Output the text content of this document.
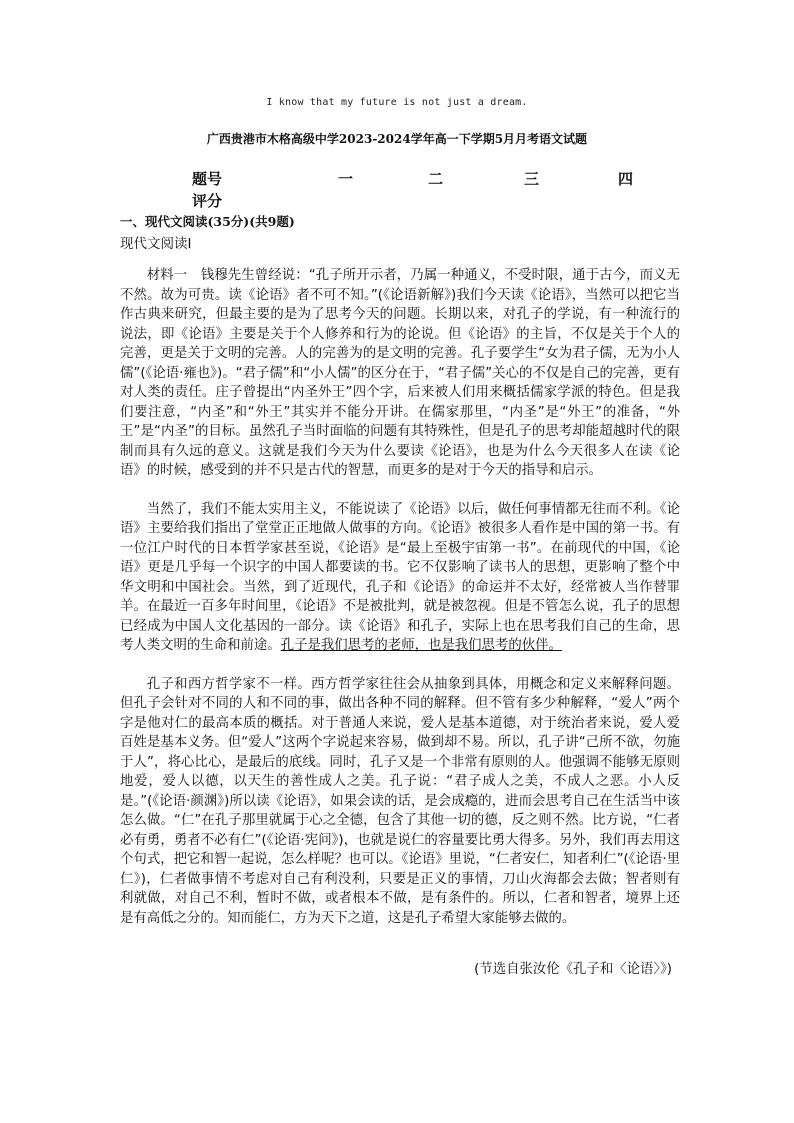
I know that my future is not just a dream.
广西贵港市木格高级中学2023-2024学年高一下学期5月月考语文试题
题号	一	二	三	四
评分
一、现代文阅读(35分)(共9题)
现代文阅读Ⅰ

材料一　钱穆先生曾经说：“孔子所开示者，乃属一种通义，不受时限，通于古今，而义无不然。故为可贵。读《论语》者不可不知。”(《论语新解》)我们今天读《论语》，当然可以把它当作古典来研究，但最主要的是为了思考今天的问题。长期以来，对孔子的学说，有一种流行的说法，即《论语》主要是关于个人修养和行为的论说。但《论语》的主旨，不仅是关于个人的完善，更是关于文明的完善。人的完善为的是文明的完善。孔子要学生“女为君子儒，无为小人儒”(《论语·雍也》)。“君子儒”和“小人儒”的区分在于，“君子儒”关心的不仅是自己的完善，更有对人类的责任。庄子曾提出“内圣外王”四个字，后来被人们用来概括儒家学派的特色。但是我们要注意，“内圣”和“外王”其实并不能分开讲。在儒家那里，“内圣”是“外王”的准备，“外王”是“内圣”的目标。虽然孔子当时面临的问题有其特殊性，但是孔子的思考却能超越时代的限制而具有久远的意义。这就是我们今天为什么要读《论语》，也是为什么今天很多人在读《论语》的时候，感受到的并不只是古代的智慧，而更多的是对于今天的指导和启示。

当然了，我们不能太实用主义，不能说读了《论语》以后，做任何事情都无往而不利。《论语》主要给我们指出了堂堂正正地做人做事的方向。《论语》被很多人看作是中国的第一书。有一位江户时代的日本哲学家甚至说，《论语》是“最上至极宇宙第一书”。在前现代的中国，《论语》更是几乎每一个识字的中国人都要读的书。它不仅影响了读书人的思想，更影响了整个中华文明和中国社会。当然，到了近现代，孔子和《论语》的命运并不太好，经常被人当作替罪羊。在最近一百多年时间里，《论语》不是被批判，就是被忽视。但是不管怎么说，孔子的思想已经成为中国人文化基因的一部分。读《论语》和孔子，实际上也在思考我们自己的生命，思考人类文明的生命和前途。孔子是我们思考的老师，也是我们思考的伙伴。

孔子和西方哲学家不一样。西方哲学家往往会从抽象到具体，用概念和定义来解释问题。但孔子会针对不同的人和不同的事，做出各种不同的解释。但不管有多少种解释，“爱人”两个字是他对仁的最高本质的概括。对于普通人来说，爱人是基本道德，对于统治者来说，爱人爱百姓是基本义务。但“爱人”这两个字说起来容易，做到却不易。所以，孔子讲“己所不欲，勿施于人”，将心比心，是最后的底线。同时，孔子又是一个非常有原则的人。他强调不能够无原则地爱，爱人以德，以天生的善性成人之美。孔子说：“君子成人之美，不成人之恶。小人反是。”(《论语·颜渊》)所以读《论语》，如果会读的话，是会成瘾的，进而会思考自己在生活当中该怎么做。“仁”在孔子那里就属于心之全德，包含了其他一切的德，反之则不然。比方说，“仁者必有勇，勇者不必有仁”(《论语·宪问》)，也就是说仁的容量要比勇大得多。另外，我们再去用这个句式，把它和智一起说，怎么样呢？也可以。《论语》里说，“仁者安仁，知者利仁”(《论语·里仁》)，仁者做事情不考虑对自己有利没利，只要是正义的事情，刀山火海都会去做；智者则有利就做，对自己不利，暂时不做，或者根本不做，是有条件的。所以，仁者和智者，境界上还是有高低之分的。知而能仁，方为天下之道，这是孔子希望大家能够去做的。

(节选自张汝伦《孔子和〈论语〉》)
